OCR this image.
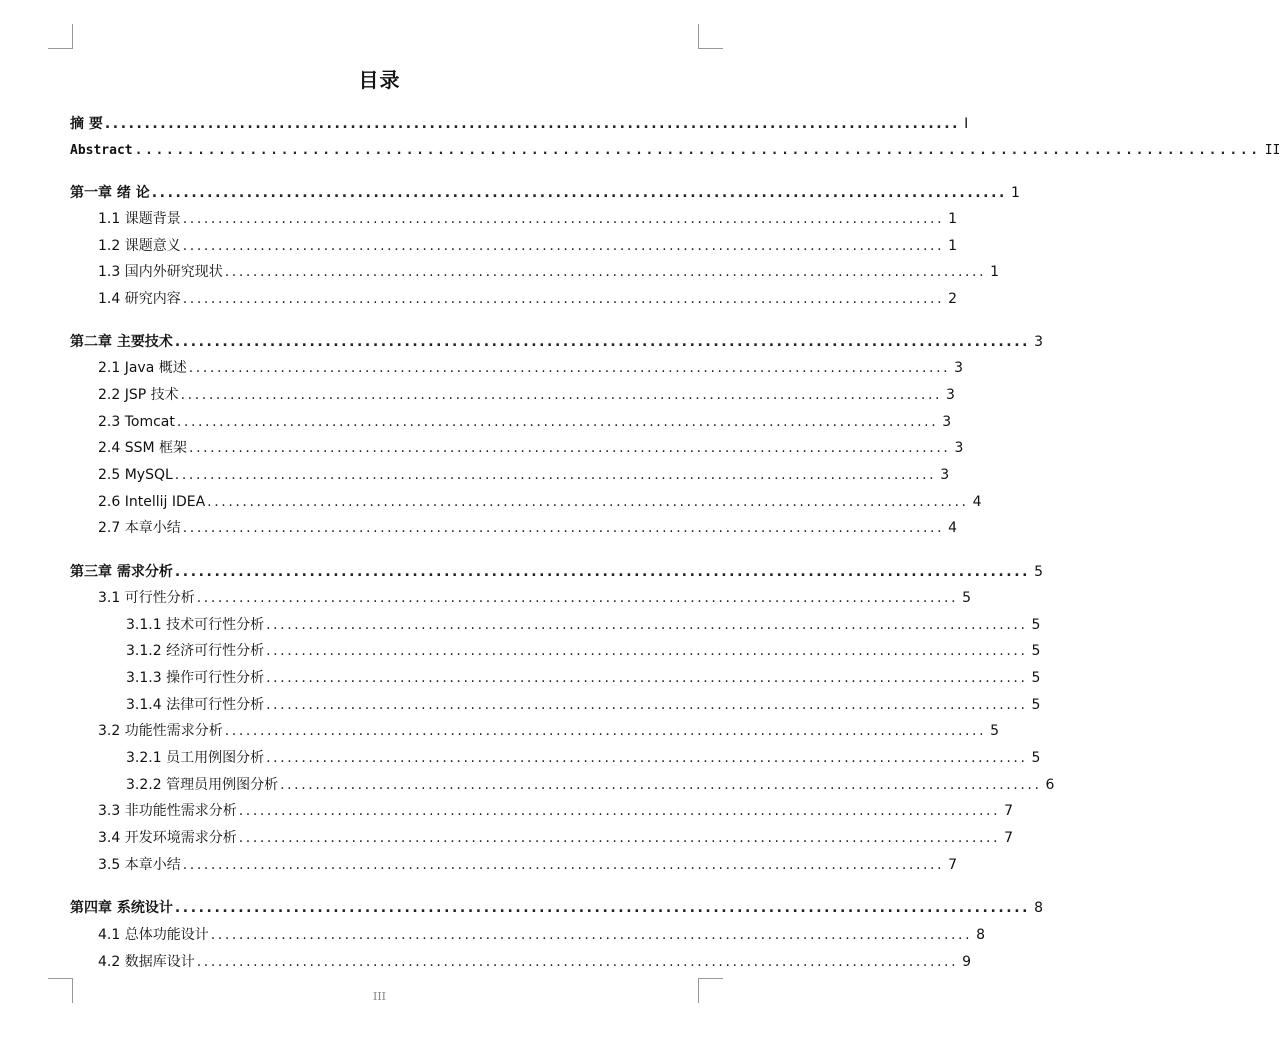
目录
摘 要 ............................................................................................................ I
Abstract ............................................................................................................ II
第一章 绪 论 ............................................................................................................ 1
1.1 课题背景 ............................................................................................................ 1
1.2 课题意义 ............................................................................................................ 1
1.3 国内外研究现状 ............................................................................................................ 1
1.4 研究内容 ............................................................................................................ 2
第二章 主要技术 ............................................................................................................ 3
2.1 Java 概述 ............................................................................................................ 3
2.2 JSP 技术 ............................................................................................................ 3
2.3 Tomcat ............................................................................................................ 3
2.4 SSM 框架 ............................................................................................................ 3
2.5 MySQL ............................................................................................................ 3
2.6 Intellij IDEA ............................................................................................................ 4
2.7 本章小结 ............................................................................................................ 4
第三章 需求分析 ............................................................................................................ 5
3.1 可行性分析 ............................................................................................................ 5
3.1.1 技术可行性分析 ............................................................................................................ 5
3.1.2 经济可行性分析 ............................................................................................................ 5
3.1.3 操作可行性分析 ............................................................................................................ 5
3.1.4 法律可行性分析 ............................................................................................................ 5
3.2 功能性需求分析 ............................................................................................................ 5
3.2.1 员工用例图分析 ............................................................................................................ 5
3.2.2 管理员用例图分析 ............................................................................................................ 6
3.3 非功能性需求分析 ............................................................................................................ 7
3.4 开发环境需求分析 ............................................................................................................ 7
3.5 本章小结 ............................................................................................................ 7
第四章 系统设计 ............................................................................................................ 8
4.1 总体功能设计 ............................................................................................................ 8
4.2 数据库设计 ............................................................................................................ 9
III
